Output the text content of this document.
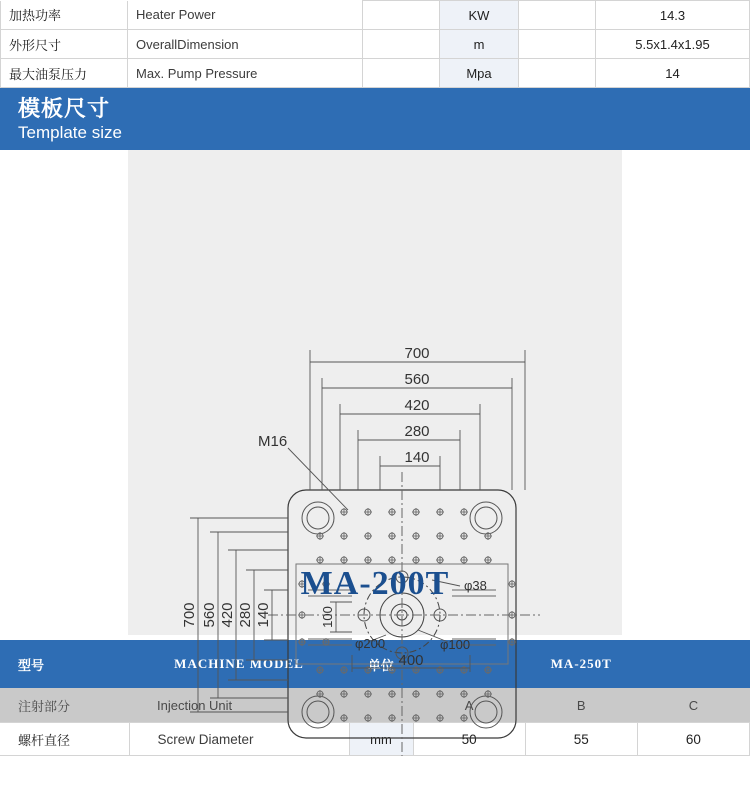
加热功率	Heater Power		KW		14.3
外形尺寸	OverallDimension		m		5.5x1.4x1.95
最大油泵压力	Max. Pump Pressure		Mpa		14
模板尺寸
Template size
700
560
420
280
140
700 560 420 280 140	100
400
φ38
φ200	φ100
M16
MA-200T
型号	MACHINE MODEL	单位	MA-250T		
注射部分	Injection Unit		A	B	C
螺杆直径	Screw Diameter	mm	50	55	60
